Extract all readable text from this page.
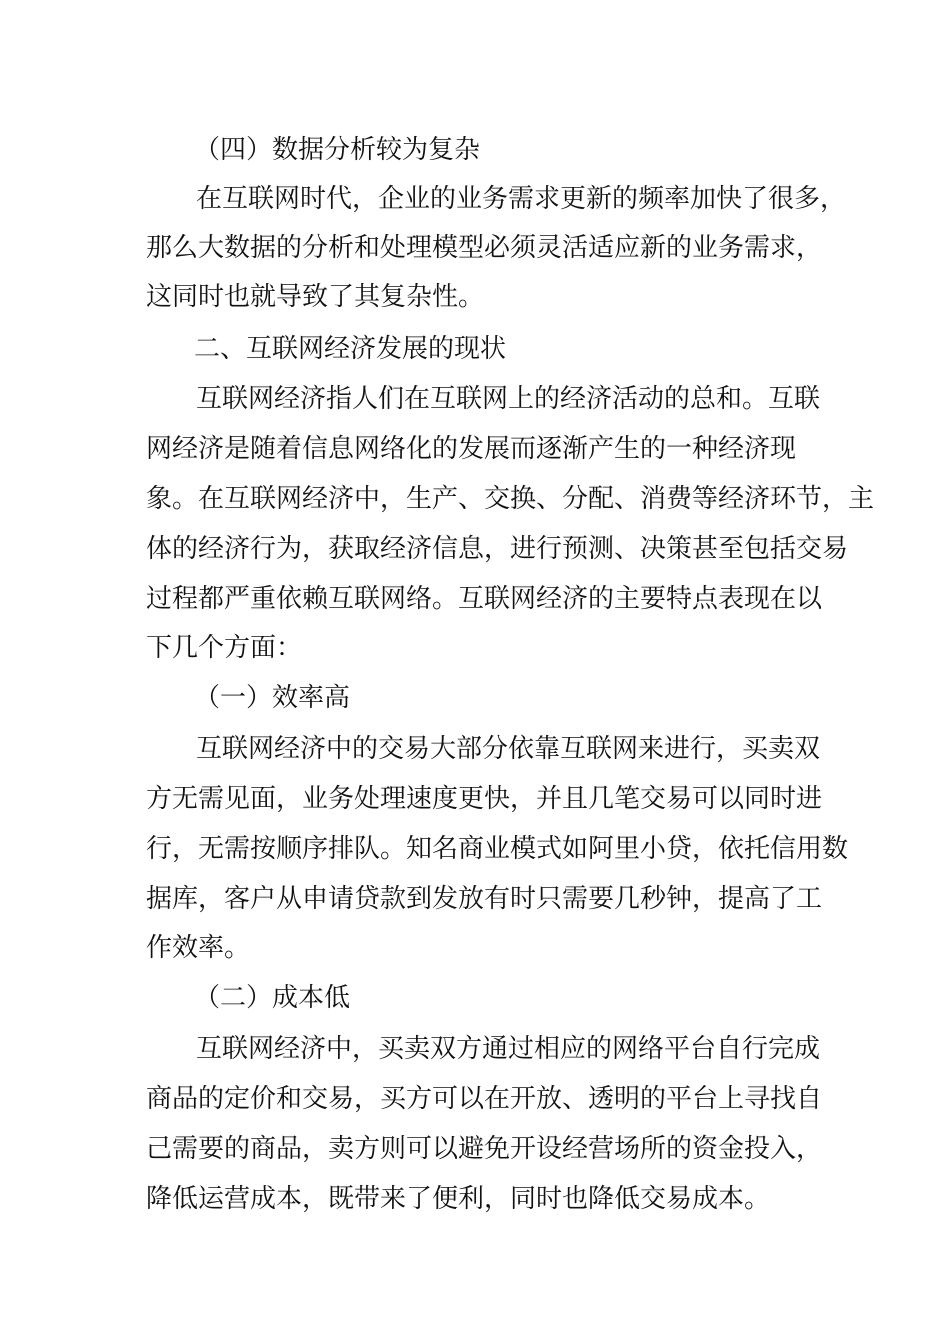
（四）数据分析较为复杂
在互联网时代，企业的业务需求更新的频率加快了很多，
那么大数据的分析和处理模型必须灵活适应新的业务需求，
这同时也就导致了其复杂性。
二、互联网经济发展的现状
互联网经济指人们在互联网上的经济活动的总和。互联
网经济是随着信息网络化的发展而逐渐产生的一种经济现
象。在互联网经济中，生产、交换、分配、消费等经济环节，主
体的经济行为，获取经济信息，进行预测、决策甚至包括交易
过程都严重依赖互联网络。互联网经济的主要特点表现在以
下几个方面：
（一）效率高
互联网经济中的交易大部分依靠互联网来进行，买卖双
方无需见面，业务处理速度更快，并且几笔交易可以同时进
行，无需按顺序排队。知名商业模式如阿里小贷，依托信用数
据库，客户从申请贷款到发放有时只需要几秒钟，提高了工
作效率。
（二）成本低
互联网经济中，买卖双方通过相应的网络平台自行完成
商品的定价和交易，买方可以在开放、透明的平台上寻找自
己需要的商品，卖方则可以避免开设经营场所的资金投入，
降低运营成本，既带来了便利，同时也降低交易成本。
